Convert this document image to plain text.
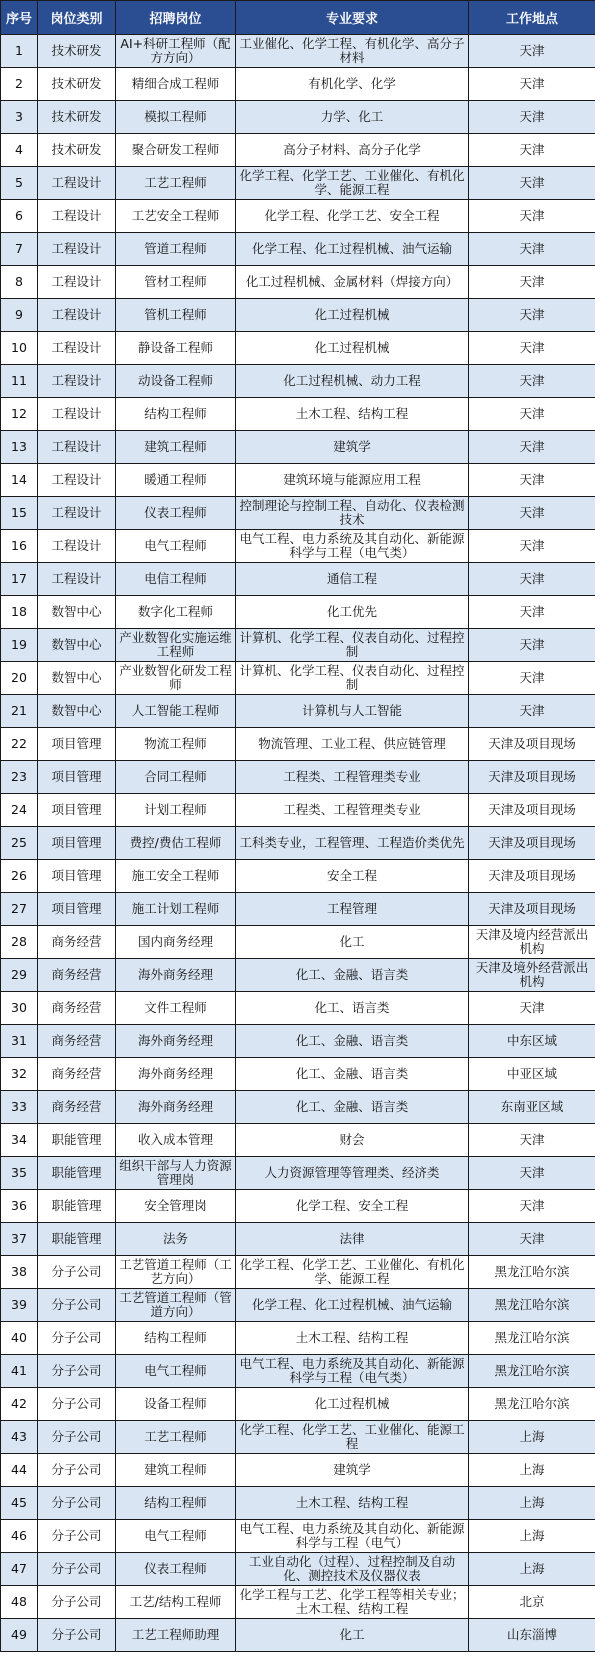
序号	岗位类别	招聘岗位	专业要求	工作地点
1	技术研发	AI+科研工程师（配方方向）	工业催化、化学工程、有机化学、高分子材料	天津
2	技术研发	精细合成工程师	有机化学、化学	天津
3	技术研发	模拟工程师	力学、化工	天津
4	技术研发	聚合研发工程师	高分子材料、高分子化学	天津
5	工程设计	工艺工程师	化学工程、化学工艺、工业催化、有机化学、能源工程	天津
6	工程设计	工艺安全工程师	化学工程、化学工艺、安全工程	天津
7	工程设计	管道工程师	化学工程、化工过程机械、油气运输	天津
8	工程设计	管材工程师	化工过程机械、金属材料（焊接方向）	天津
9	工程设计	管机工程师	化工过程机械	天津
10	工程设计	静设备工程师	化工过程机械	天津
11	工程设计	动设备工程师	化工过程机械、动力工程	天津
12	工程设计	结构工程师	土木工程、结构工程	天津
13	工程设计	建筑工程师	建筑学	天津
14	工程设计	暖通工程师	建筑环境与能源应用工程	天津
15	工程设计	仪表工程师	控制理论与控制工程、自动化、仪表检测技术	天津
16	工程设计	电气工程师	电气工程、电力系统及其自动化、新能源科学与工程（电气类）	天津
17	工程设计	电信工程师	通信工程	天津
18	数智中心	数字化工程师	化工优先	天津
19	数智中心	产业数智化实施运维工程师	计算机、化学工程、仪表自动化、过程控制	天津
20	数智中心	产业数智化研发工程师	计算机、化学工程、仪表自动化、过程控制	天津
21	数智中心	人工智能工程师	计算机与人工智能	天津
22	项目管理	物流工程师	物流管理、工业工程、供应链管理	天津及项目现场
23	项目管理	合同工程师	工程类、工程管理类专业	天津及项目现场
24	项目管理	计划工程师	工程类、工程管理类专业	天津及项目现场
25	项目管理	费控/费估工程师	工科类专业，工程管理、工程造价类优先	天津及项目现场
26	项目管理	施工安全工程师	安全工程	天津及项目现场
27	项目管理	施工计划工程师	工程管理	天津及项目现场
28	商务经营	国内商务经理	化工	天津及境内经营派出机构
29	商务经营	海外商务经理	化工、金融、语言类	天津及境外经营派出机构
30	商务经营	文件工程师	化工、语言类	天津
31	商务经营	海外商务经理	化工、金融、语言类	中东区域
32	商务经营	海外商务经理	化工、金融、语言类	中亚区域
33	商务经营	海外商务经理	化工、金融、语言类	东南亚区域
34	职能管理	收入成本管理	财会	天津
35	职能管理	组织干部与人力资源管理岗	人力资源管理等管理类、经济类	天津
36	职能管理	安全管理岗	化学工程、安全工程	天津
37	职能管理	法务	法律	天津
38	分子公司	工艺管道工程师（工艺方向）	化学工程、化学工艺、工业催化、有机化学、能源工程	黑龙江哈尔滨
39	分子公司	工艺管道工程师（管道方向）	化学工程、化工过程机械、油气运输	黑龙江哈尔滨
40	分子公司	结构工程师	土木工程、结构工程	黑龙江哈尔滨
41	分子公司	电气工程师	电气工程、电力系统及其自动化、新能源科学与工程（电气类）	黑龙江哈尔滨
42	分子公司	设备工程师	化工过程机械	黑龙江哈尔滨
43	分子公司	工艺工程师	化学工程、化学工艺、工业催化、能源工程	上海
44	分子公司	建筑工程师	建筑学	上海
45	分子公司	结构工程师	土木工程、结构工程	上海
46	分子公司	电气工程师	电气工程、电力系统及其自动化、新能源科学与工程（电气）	上海
47	分子公司	仪表工程师	工业自动化（过程）、过程控制及自动化、测控技术及仪器仪表	上海
48	分子公司	工艺/结构工程师	化学工程与工艺、化学工程等相关专业；土木工程、结构工程	北京
49	分子公司	工艺工程师助理	化工	山东淄博
